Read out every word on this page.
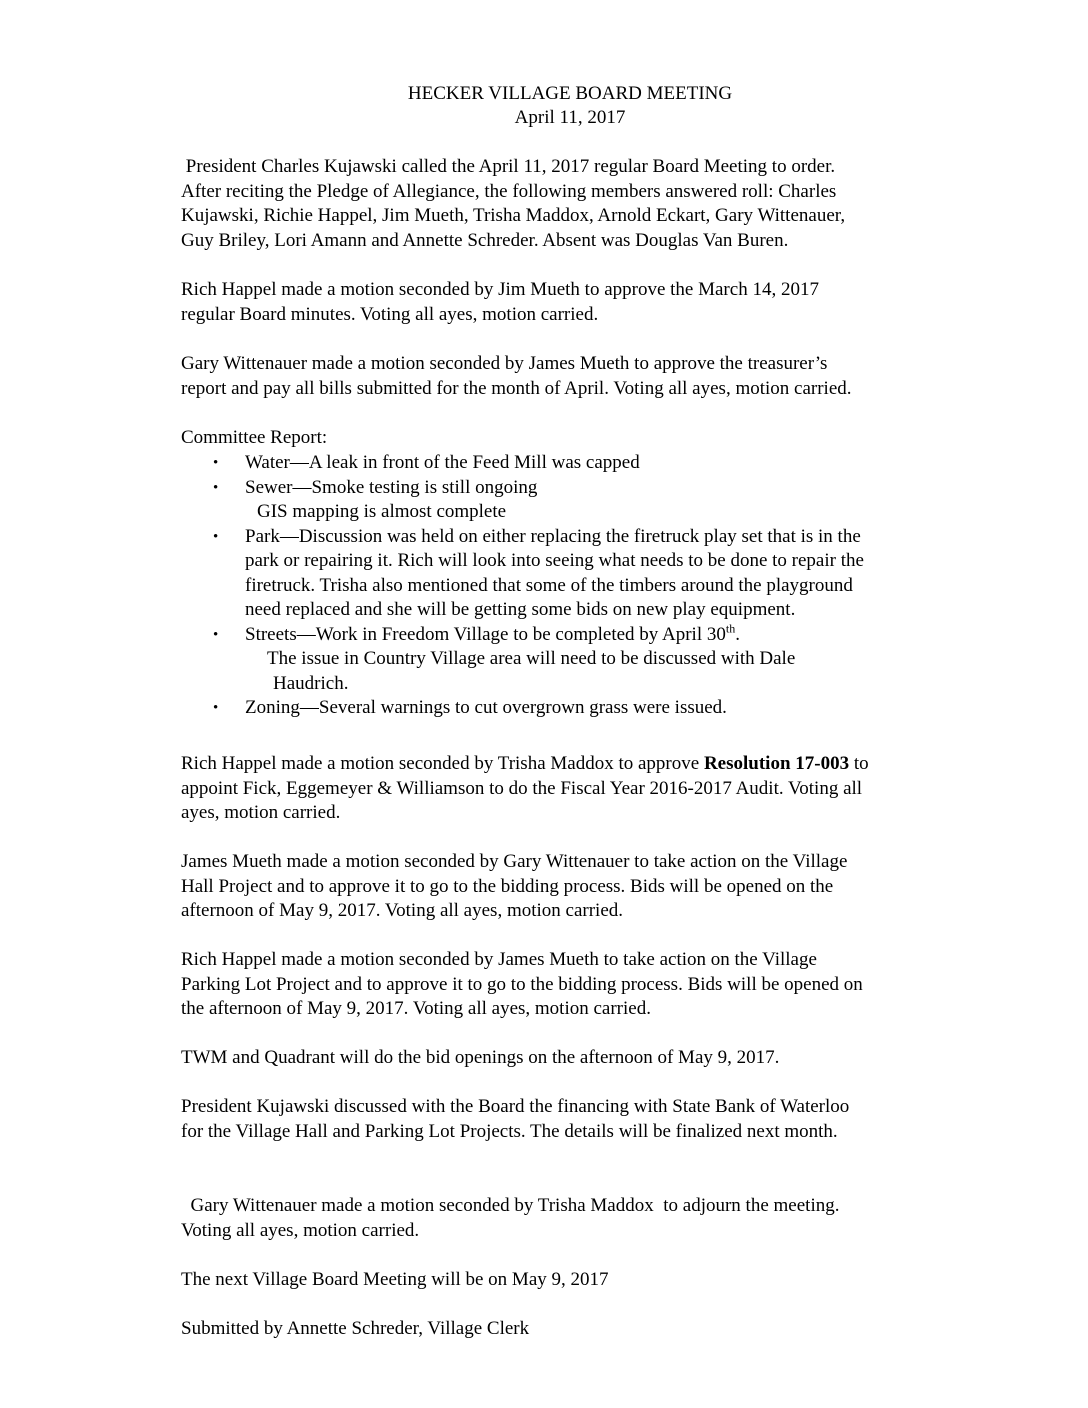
HECKER VILLAGE BOARD MEETING
April 11, 2017
President Charles Kujawski called the April 11, 2017 regular Board Meeting to order.
After reciting the Pledge of Allegiance, the following members answered roll: Charles
Kujawski, Richie Happel, Jim Mueth, Trisha Maddox, Arnold Eckart, Gary Wittenauer,
Guy Briley, Lori Amann and Annette Schreder. Absent was Douglas Van Buren.
Rich Happel made a motion seconded by Jim Mueth to approve the March 14, 2017
regular Board minutes. Voting all ayes, motion carried.
Gary Wittenauer made a motion seconded by James Mueth to approve the treasurer’s
report and pay all bills submitted for the month of April. Voting all ayes, motion carried.
Committee Report:
• Water—A leak in front of the Feed Mill was capped
• Sewer—Smoke testing is still ongoing
GIS mapping is almost complete
• Park—Discussion was held on either replacing the firetruck play set that is in the
park or repairing it. Rich will look into seeing what needs to be done to repair the
firetruck. Trisha also mentioned that some of the timbers around the playground
need replaced and she will be getting some bids on new play equipment.
• Streets—Work in Freedom Village to be completed by April 30th.
The issue in Country Village area will need to be discussed with Dale
Haudrich.
• Zoning—Several warnings to cut overgrown grass were issued.
Rich Happel made a motion seconded by Trisha Maddox to approve Resolution 17-003 to
appoint Fick, Eggemeyer & Williamson to do the Fiscal Year 2016-2017 Audit. Voting all
ayes, motion carried.
James Mueth made a motion seconded by Gary Wittenauer to take action on the Village
Hall Project and to approve it to go to the bidding process. Bids will be opened on the
afternoon of May 9, 2017. Voting all ayes, motion carried.
Rich Happel made a motion seconded by James Mueth to take action on the Village
Parking Lot Project and to approve it to go to the bidding process. Bids will be opened on
the afternoon of May 9, 2017. Voting all ayes, motion carried.
TWM and Quadrant will do the bid openings on the afternoon of May 9, 2017.
President Kujawski discussed with the Board the financing with State Bank of Waterloo
for the Village Hall and Parking Lot Projects. The details will be finalized next month.
Gary Wittenauer made a motion seconded by Trisha Maddox  to adjourn the meeting.
Voting all ayes, motion carried.
The next Village Board Meeting will be on May 9, 2017
Submitted by Annette Schreder, Village Clerk
